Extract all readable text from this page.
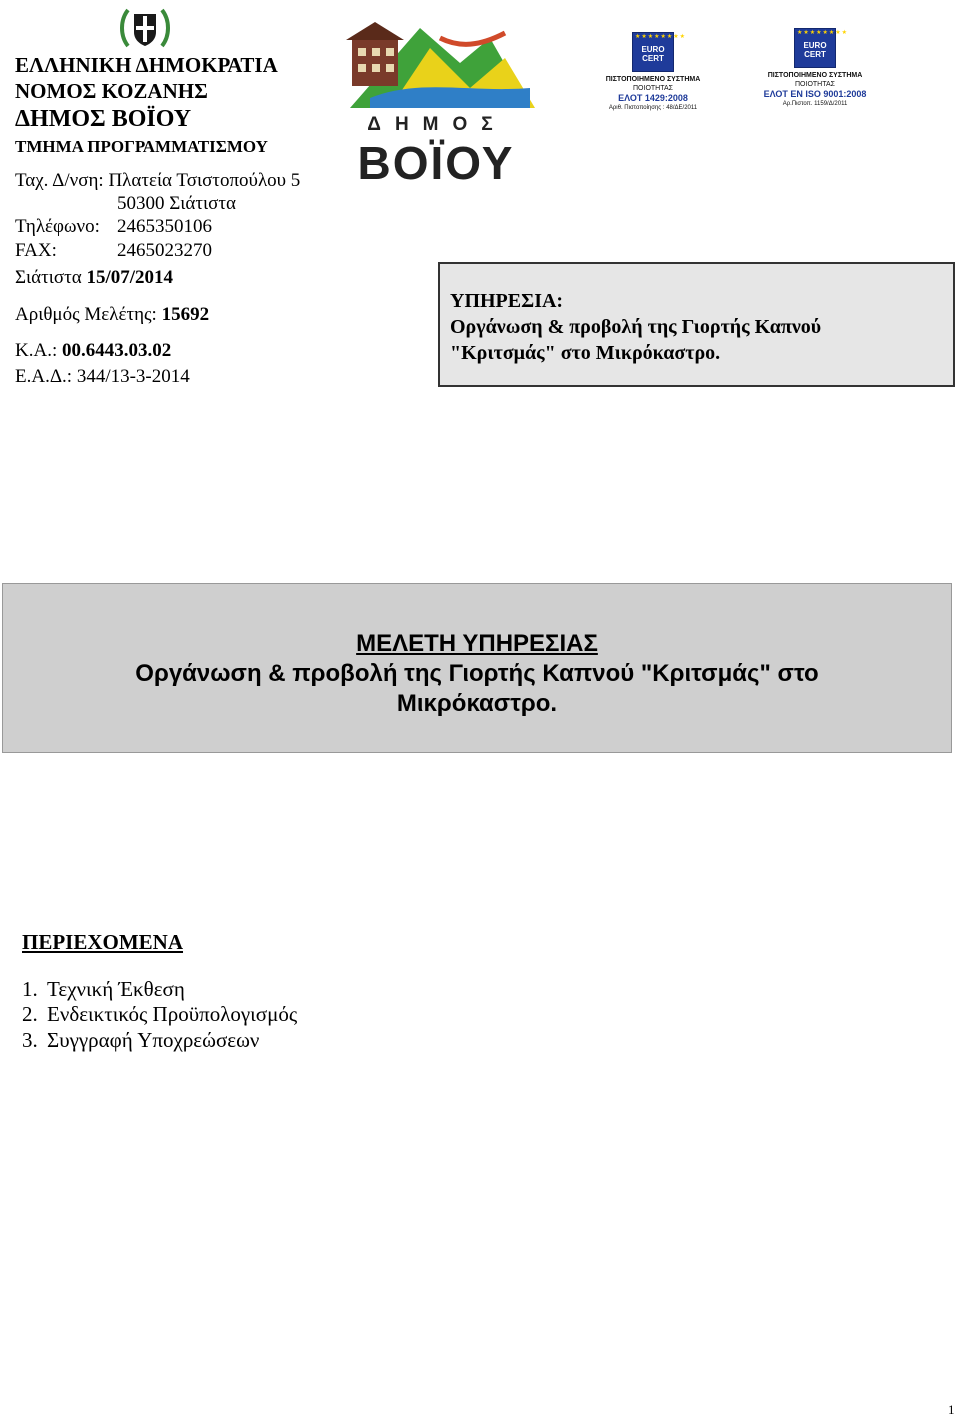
ΕΛΛΗΝΙΚΗ ΔΗΜΟΚΡΑΤΙΑ
ΝΟΜΟΣ ΚΟΖΑΝΗΣ
ΔΗΜΟΣ ΒΟΪΟΥ
ΤΜΗΜΑ ΠΡΟΓΡΑΜΜΑΤΙΣΜΟΥ
Ταχ. Δ/νση: Πλατεία Τσιστοπούλου 5
50300 Σιάτιστα
Τηλέφωνο: 2465350106
FAX:	2465023270
Σιάτιστα 15/07/2014
Αριθμός Μελέτης: 15692
Κ.Α.: 00.6443.03.02
Ε.Α.Δ.: 344/13-3-2014
ΔΗΜΟΣ
ΒΟΪΟΥ
★★★★★★★★
EURO CERT
ΠΙΣΤΟΠΟΙΗΜΕΝΟ ΣΥΣΤΗΜΑ
ΠΟΙΟΤΗΤΑΣ
ΕΛΟΤ 1429:2008
Αριθ. Πιστοποίησης : 48/ΔΕ/2011
★★★★★★★★
EURO CERT
ΠΙΣΤΟΠΟΙΗΜΕΝΟ ΣΥΣΤΗΜΑ
ΠΟΙΟΤΗΤΑΣ
ΕΛΟΤ EN ISO 9001:2008
Αρ.Πιστοπ. 1159/Δ/2011
ΥΠΗΡΕΣΙΑ:
Οργάνωση & προβολή της Γιορτής Καπνού
"Κριτσμάς" στο Μικρόκαστρο.
ΜΕΛΕΤΗ ΥΠΗΡΕΣΙΑΣ
Οργάνωση & προβολή της Γιορτής Καπνού "Κριτσμάς" στο Μικρόκαστρο.
ΠΕΡΙΕΧΟΜΕΝΑ
1. Τεχνική Έκθεση
2. Ενδεικτικός Προϋπολογισμός
3. Συγγραφή Υποχρεώσεων
1
